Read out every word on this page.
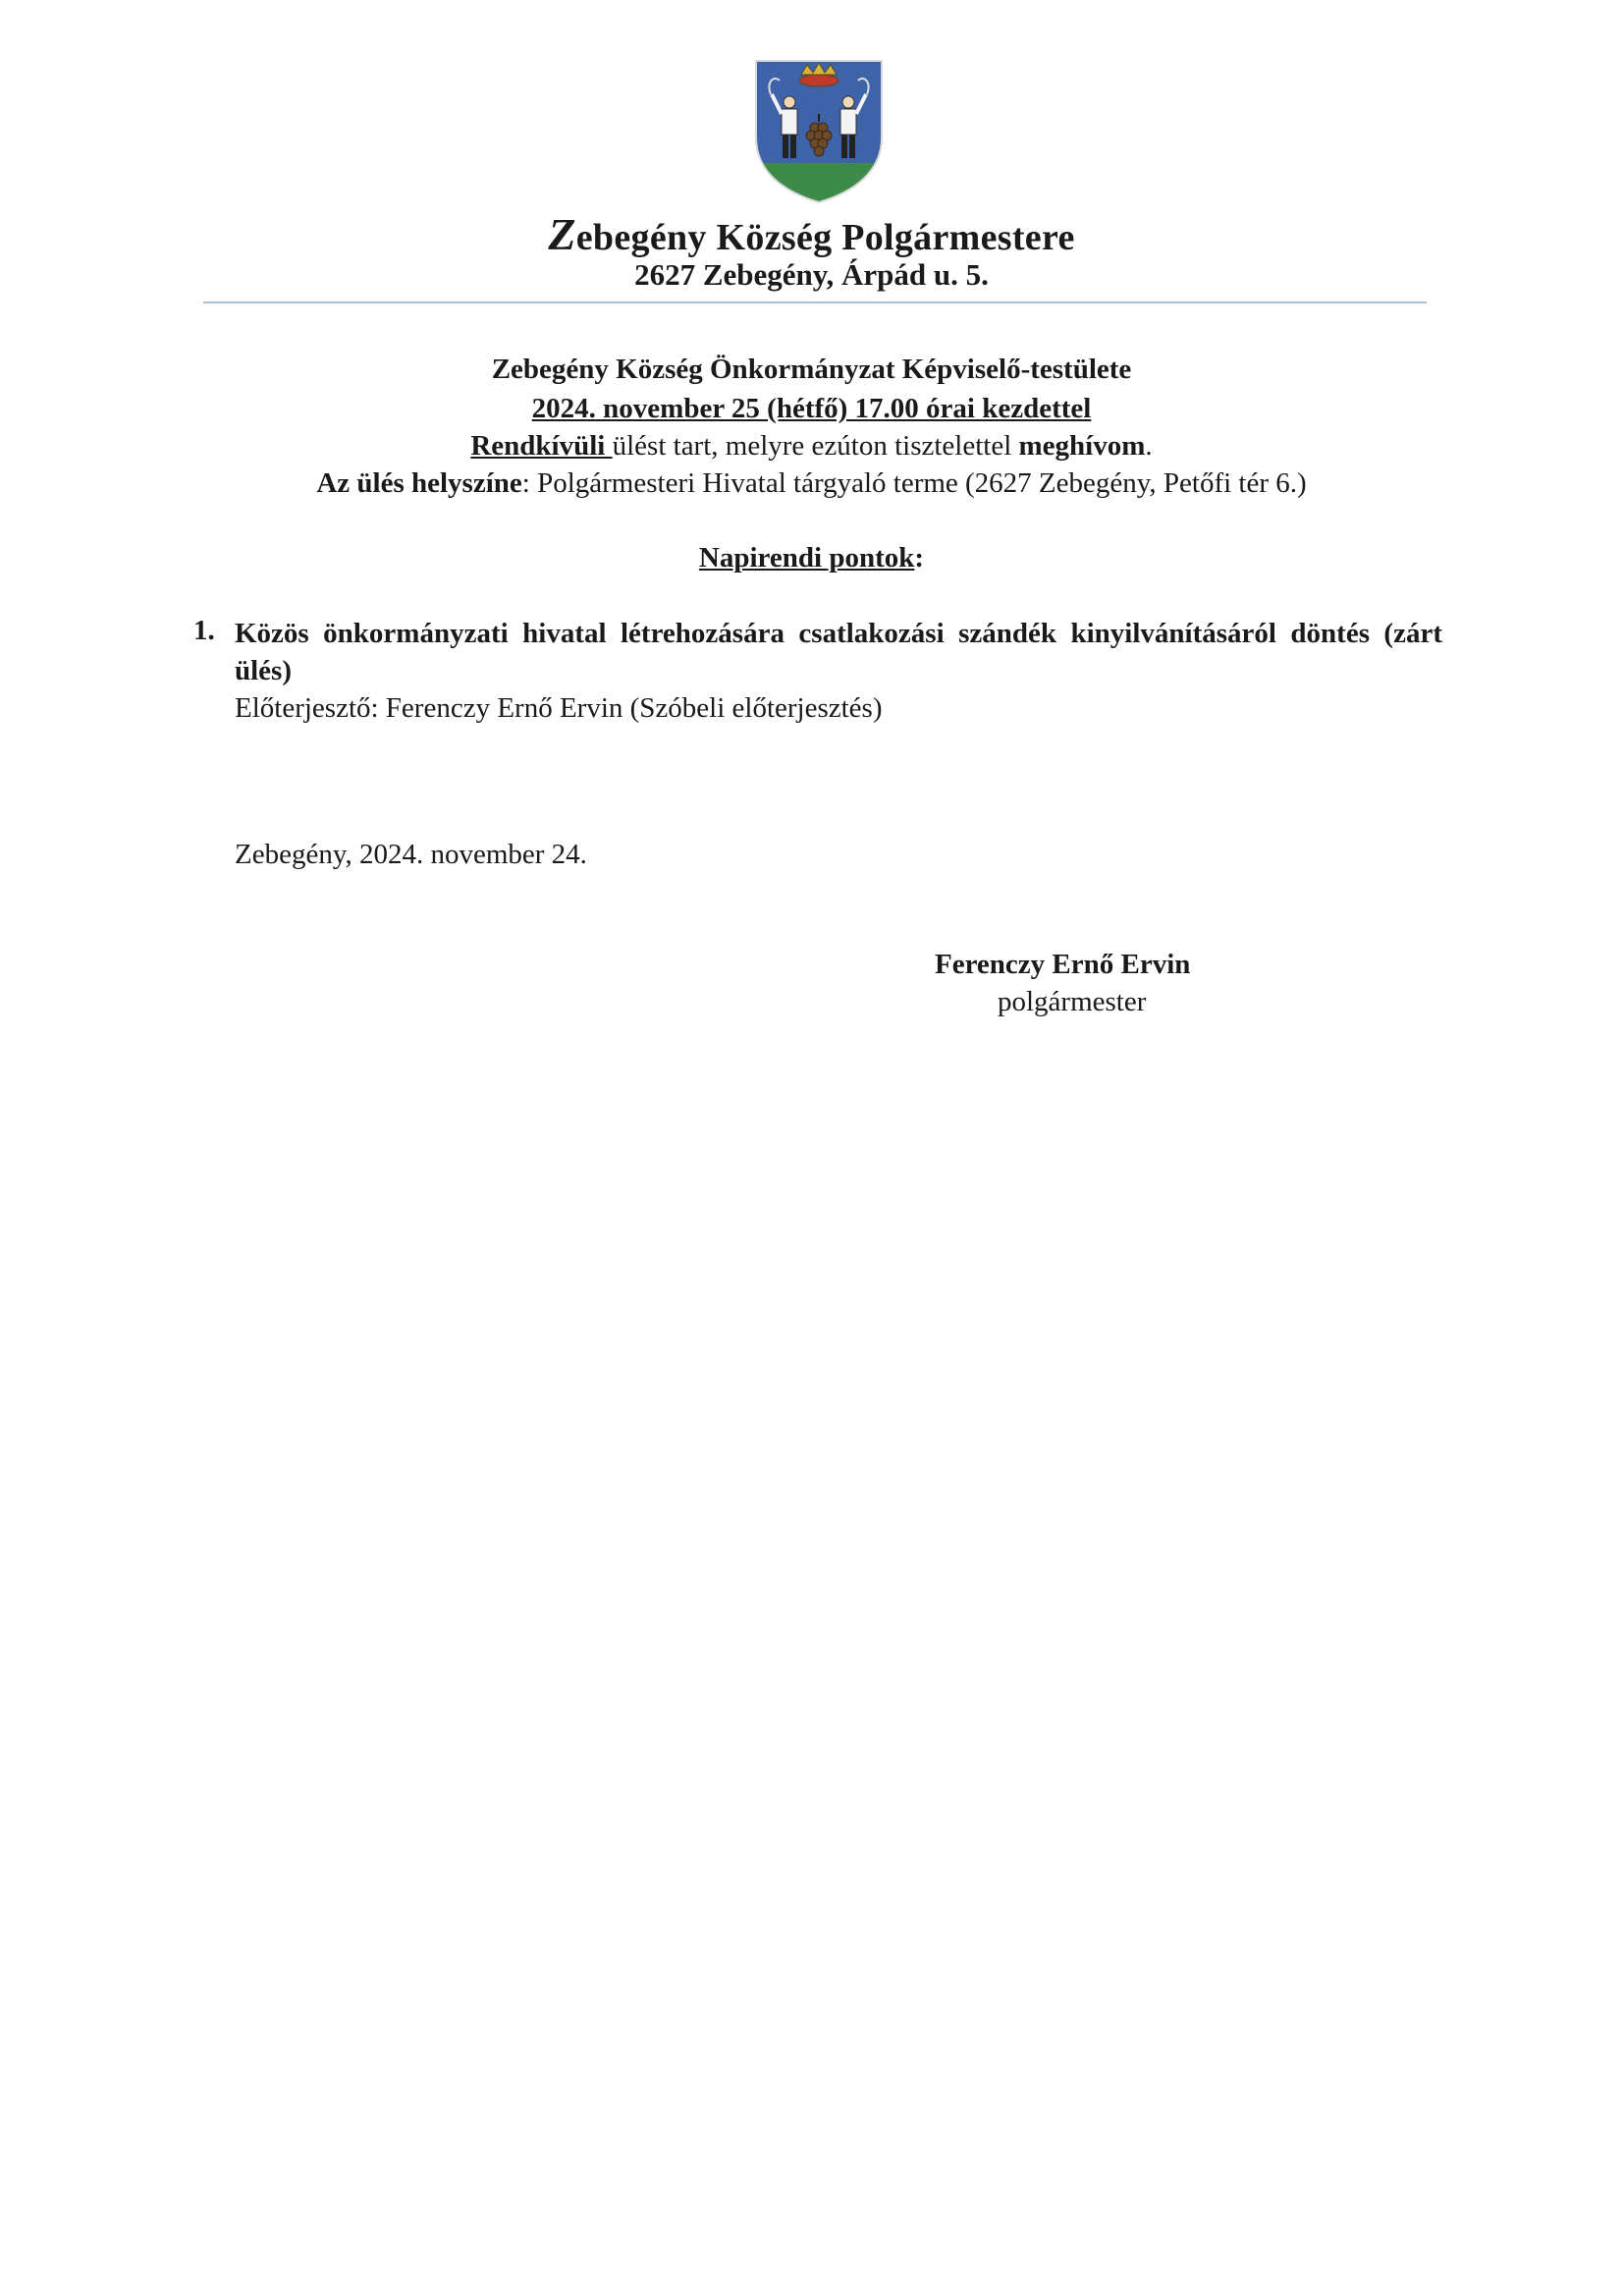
Zebegény Község Polgármestere
2627 Zebegény, Árpád u. 5.
Zebegény Község Önkormányzat Képviselő-testülete
2024. november 25 (hétfő) 17.00 órai kezdettel
Rendkívüli ülést tart, melyre ezúton tisztelettel meghívom.
Az ülés helyszíne: Polgármesteri Hivatal tárgyaló terme (2627 Zebegény, Petőfi tér 6.)
Napirendi pontok:
1. Közös önkormányzati hivatal létrehozására csatlakozási szándék kinyilvánításáról döntés (zárt ülés)
Előterjesztő: Ferenczy Ernő Ervin (Szóbeli előterjesztés)
Zebegény, 2024. november 24.
Ferenczy Ernő Ervin
polgármester
